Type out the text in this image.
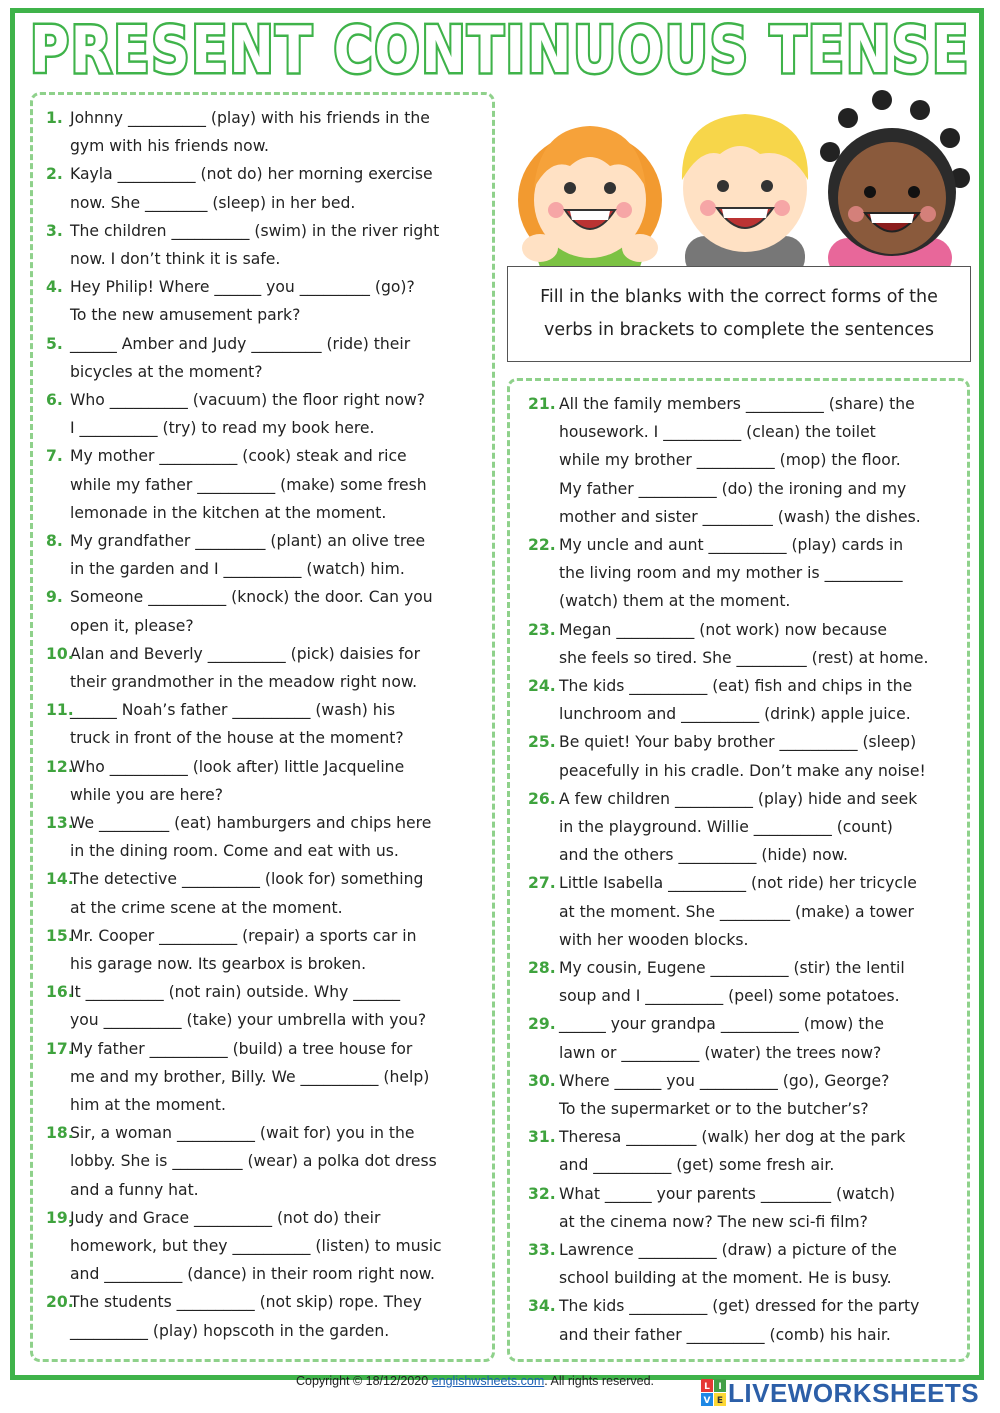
PRESENT CONTINUOUS TENSE
Fill in the blanks with the correct forms of the verbs in brackets to complete the sentences
1. Johnny __________ (play) with his friends in the
gym with his friends now.
2. Kayla __________ (not do) her morning exercise
now. She ________ (sleep) in her bed.
3. The children __________ (swim) in the river right
now. I don’t think it is safe.
4. Hey Philip! Where ______ you _________ (go)?
To the new amusement park?
5. ______ Amber and Judy _________ (ride) their
bicycles at the moment?
6. Who __________ (vacuum) the floor right now?
I __________ (try) to read my book here.
7. My mother __________ (cook) steak and rice
while my father __________ (make) some fresh
lemonade in the kitchen at the moment.
8. My grandfather _________ (plant) an olive tree
in the garden and I __________ (watch) him.
9. Someone __________ (knock) the door. Can you
open it, please?
10.
Alan and Beverly __________ (pick) daisies for
their grandmother in the meadow right now.
11.
______ Noah’s father __________ (wash) his
truck in front of the house at the moment?
12.
Who __________ (look after) little Jacqueline
while you are here?
13.
We _________ (eat) hamburgers and chips here
in the dining room. Come and eat with us.
14.
The detective __________ (look for) something
at the crime scene at the moment.
15.
Mr. Cooper __________ (repair) a sports car in
his garage now. Its gearbox is broken.
16.
It __________ (not rain) outside. Why ______
you __________ (take) your umbrella with you?
17.
My father __________ (build) a tree house for
me and my brother, Billy. We __________ (help)
him at the moment.
18.
Sir, a woman __________ (wait for) you in the
lobby. She is _________ (wear) a polka dot dress
and a funny hat.
19.
Judy and Grace __________ (not do) their
homework, but they __________ (listen) to music
and __________ (dance) in their room right now.
20.
The students __________ (not skip) rope. They
__________ (play) hopscoth in the garden.
21. All the family members __________ (share) the
housework. I __________ (clean) the toilet
while my brother __________ (mop) the floor.
My father __________ (do) the ironing and my
mother and sister _________ (wash) the dishes.
22. My uncle and aunt __________ (play) cards in
the living room and my mother is __________
(watch) them at the moment.
23. Megan __________ (not work) now because
she feels so tired. She _________ (rest) at home.
24. The kids __________ (eat) fish and chips in the
lunchroom and __________ (drink) apple juice.
25. Be quiet! Your baby brother __________ (sleep)
peacefully in his cradle. Don’t make any noise!
26. A few children __________ (play) hide and seek
in the playground. Willie __________ (count)
and the others __________ (hide) now.
27. Little Isabella __________ (not ride) her tricycle
at the moment. She _________ (make) a tower
with her wooden blocks.
28. My cousin, Eugene __________ (stir) the lentil
soup and I __________ (peel) some potatoes.
29. ______ your grandpa __________ (mow) the
lawn or __________ (water) the trees now?
30. Where ______ you __________ (go), George?
To the supermarket or to the butcher’s?
31. Theresa _________ (walk) her dog at the park
and __________ (get) some fresh air.
32. What ______ your parents _________ (watch)
at the cinema now? The new sci-fi film?
33. Lawrence __________ (draw) a picture of the
school building at the moment. He is busy.
34. The kids __________ (get) dressed for the party
and their father __________ (comb) his hair.
Copyright © 18/12/2020 englishwsheets.com. All rights reserved.	L I
V E LIVEWORKSHEETS
